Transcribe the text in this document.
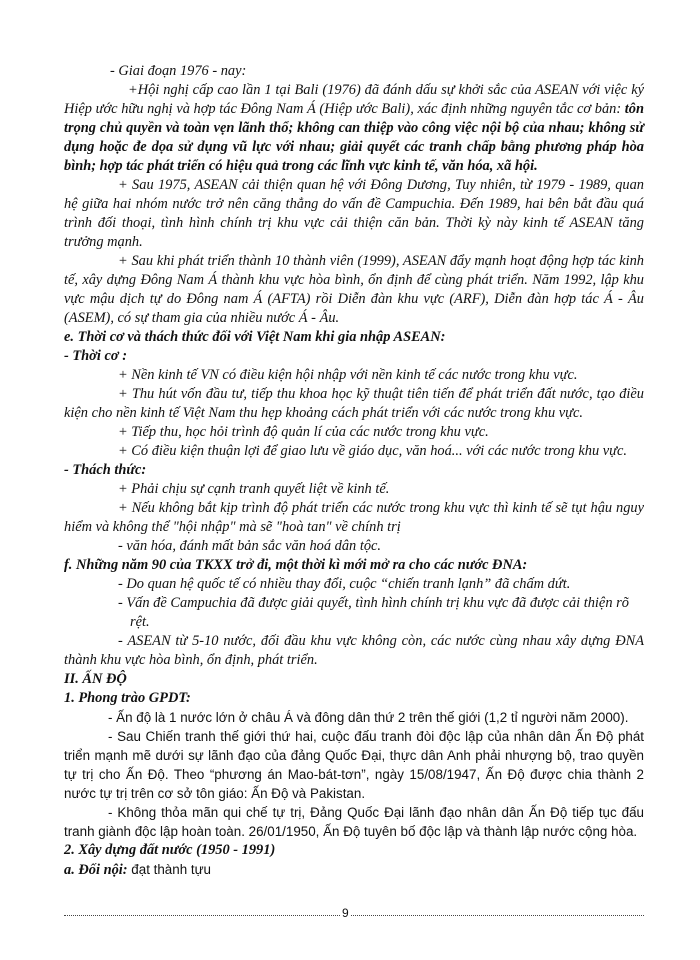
- Giai đoạn 1976 - nay:
+Hội nghị cấp cao lần 1 tại Bali (1976) đã đánh dấu sự khởi sắc của ASEAN với việc ký Hiệp ước hữu nghị và hợp tác Đông Nam Á (Hiệp ước Bali), xác định những nguyên tắc cơ bản: tôn trọng chủ quyền và toàn vẹn lãnh thổ; không can thiệp vào công việc nội bộ của nhau; không sử dụng hoặc đe dọa sử dụng vũ lực với nhau; giải quyết các tranh chấp bằng phương pháp hòa bình; hợp tác phát triển có hiệu quả trong các lĩnh vực kinh tế, văn hóa, xã hội.
+ Sau 1975, ASEAN cải thiện quan hệ với Đông Dương, Tuy nhiên, từ 1979 - 1989, quan hệ giữa hai nhóm nước trở nên căng thẳng do vấn đề Campuchia. Đến 1989, hai bên bắt đầu quá trình đối thoại, tình hình chính trị khu vực cải thiện căn bản. Thời kỳ này kinh tế ASEAN tăng trưởng mạnh.
+ Sau khi phát triển thành 10 thành viên (1999), ASEAN đẩy mạnh hoạt động hợp tác kinh tế, xây dựng Đông Nam Á thành khu vực hòa bình, ổn định để cùng phát triển. Năm 1992, lập khu vực mậu dịch tự do Đông nam Á (AFTA) rồi Diễn đàn khu vực (ARF), Diễn đàn hợp tác Á - Âu (ASEM), có sự tham gia của nhiều nước Á - Âu.
e. Thời cơ và thách thức đối với Việt Nam khi gia nhập ASEAN:
- Thời cơ :
+ Nền kinh tế VN có điều kiện hội nhập với nền kinh tế các nước trong khu vực.
+ Thu hút vốn đầu tư, tiếp thu khoa học kỹ thuật tiên tiến để phát triển đất nước, tạo điều kiện cho nền kinh tế Việt Nam thu hẹp khoảng cách phát triển với các nước trong khu vực.
+ Tiếp thu, học hỏi trình độ quản lí của các nước trong khu vực.
+ Có điều kiện thuận lợi để giao lưu về giáo dục, văn hoá... với các nước trong khu vực.
- Thách thức:
+ Phải chịu sự cạnh tranh quyết liệt về kinh tế.
+ Nếu không bắt kịp trình độ phát triển các nước trong khu vực thì kinh tế sẽ tụt hậu nguy hiểm và không thể "hội nhập" mà sẽ "hoà tan" về chính trị
- văn hóa, đánh mất bản sắc văn hoá dân tộc.
f. Những năm 90 của TKXX trở đi, một thời kì mới mở ra cho các nước ĐNA:
- Do quan hệ quốc tế có nhiều thay đổi, cuộc “chiến tranh lạnh” đã chấm dứt.
- Vấn đề Campuchia đã được giải quyết, tình hình chính trị khu vực đã được cải thiện rõ rệt.
- ASEAN từ 5-10 nước, đối đầu khu vực không còn, các nước cùng nhau xây dựng ĐNA thành khu vực hòa bình, ổn định, phát triển.
II. ẤN ĐỘ
1. Phong trào GPDT:
- Ấn độ là 1 nước lớn ở châu Á và đông dân thứ 2 trên thế giới (1,2 tỉ người năm 2000).
- Sau Chiến tranh thế giới thứ hai, cuộc đấu tranh đòi độc lập của nhân dân Ấn Độ phát triển mạnh mẽ dưới sự lãnh đạo của đảng Quốc Đại, thực dân Anh phải nhượng bộ, trao quyền tự trị cho Ấn Độ. Theo “phương án Mao-bát-tơn”, ngày 15/08/1947, Ấn Độ được chia thành 2 nước tự trị trên cơ sở tôn giáo: Ấn Độ và Pakistan.
- Không thỏa mãn qui chế tự trị, Đảng Quốc Đại lãnh đạo nhân dân Ấn Độ tiếp tục đấu tranh giành độc lập hoàn toàn. 26/01/1950, Ấn Độ tuyên bố độc lập và thành lập nước cộng hòa.
2. Xây dựng đất nước (1950 - 1991)
a. Đối nội: đạt thành tựu
9
